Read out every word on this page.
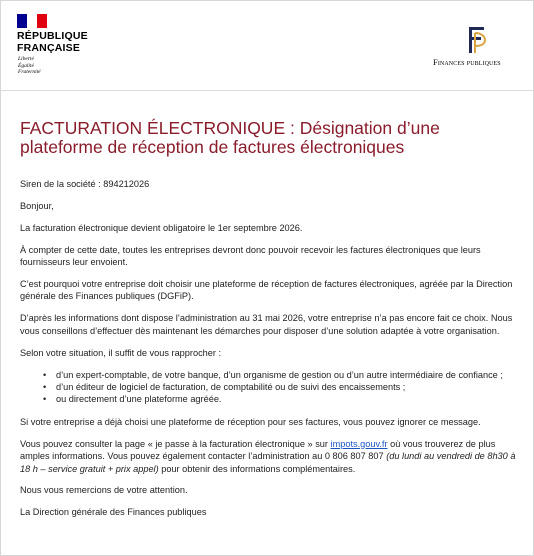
RÉPUBLIQUE
FRANÇAISE
Liberté
Égalité
Fraternité
Finances publiques
FACTURATION ÉLECTRONIQUE : Désignation d’une plateforme de réception de factures électroniques

Siren de la société : 894212026

Bonjour,

La facturation électronique devient obligatoire le 1er septembre 2026.

À compter de cette date, toutes les entreprises devront donc pouvoir recevoir les factures électroniques que leurs fournisseurs leur envoient.

C’est pourquoi votre entreprise doit choisir une plateforme de réception de factures électroniques, agréée par la Direction générale des Finances publiques (DGFiP).

D’après les informations dont dispose l’administration au 31 mai 2026, votre entreprise n’a pas encore fait ce choix. Nous vous conseillons d’effectuer dès maintenant les démarches pour disposer d’une solution adaptée à votre organisation.

Selon votre situation, il suffit de vous rapprocher :

• d’un expert-comptable, de votre banque, d’un organisme de gestion ou d’un autre intermédiaire de confiance ;
• d’un éditeur de logiciel de facturation, de comptabilité ou de suivi des encaissements ;
• ou directement d’une plateforme agréée.

Si votre entreprise a déjà choisi une plateforme de réception pour ses factures, vous pouvez ignorer ce message.

Vous pouvez consulter la page « je passe à la facturation électronique » sur impots.gouv.fr où vous trouverez de plus amples informations. Vous pouvez également contacter l’administration au 0 806 807 807 (du lundi au vendredi de 8h30 à 18 h – service gratuit + prix appel) pour obtenir des informations complémentaires.

Nous vous remercions de votre attention.

La Direction générale des Finances publiques
